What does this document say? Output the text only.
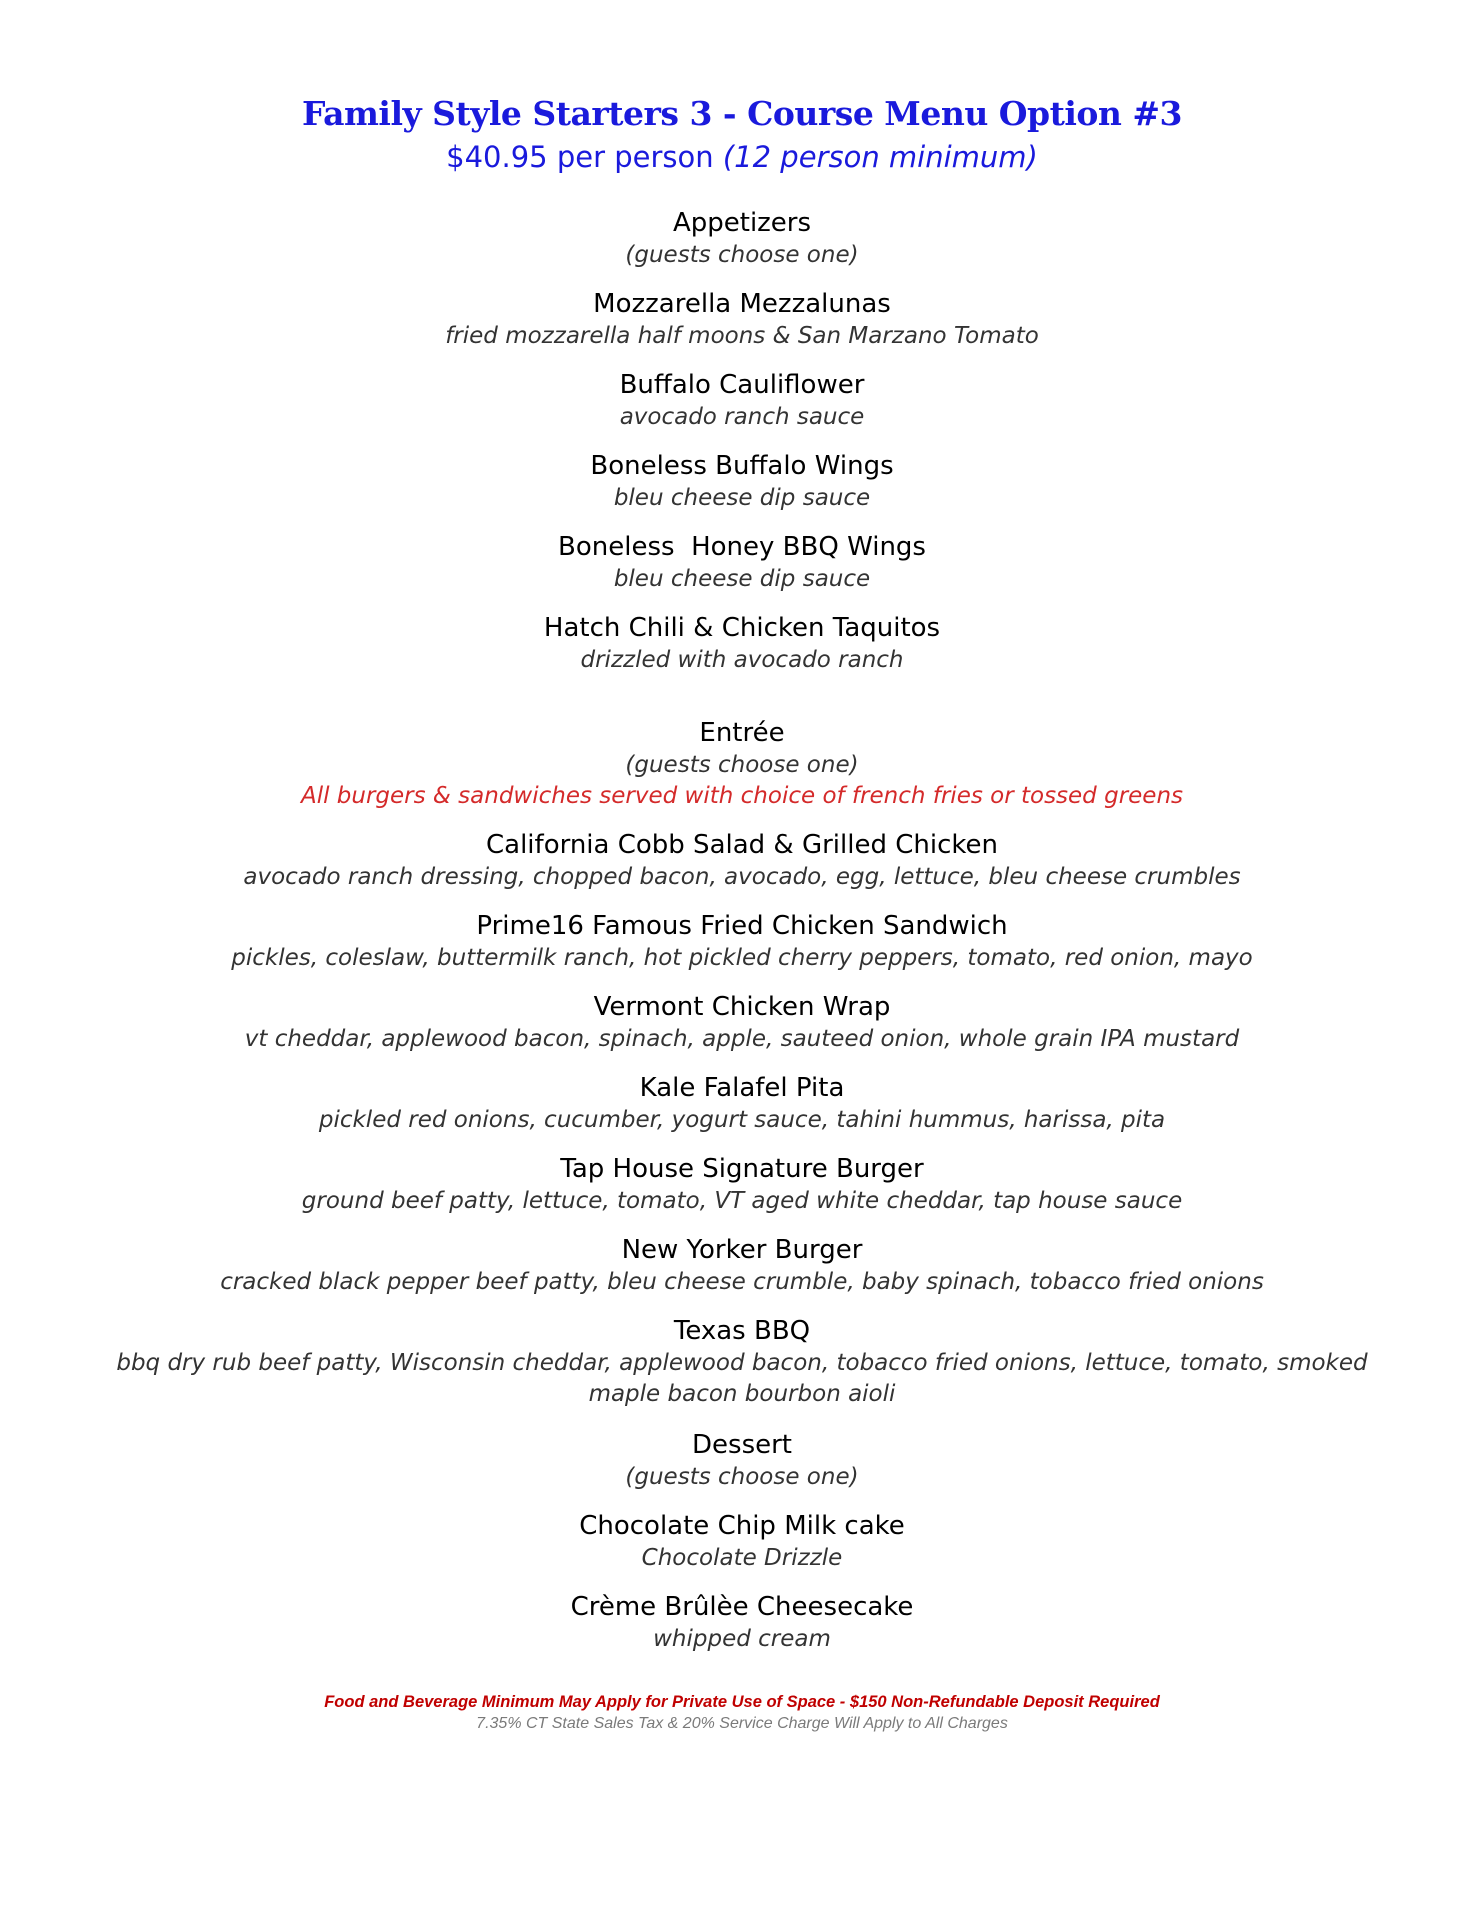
Family Style Starters 3 - Course Menu Option #3
$40.95 per person (12 person minimum)
Appetizers
(guests choose one)
Mozzarella Mezzalunas
fried mozzarella half moons & San Marzano Tomato
Buffalo Cauliflower
avocado ranch sauce
Boneless Buffalo Wings
bleu cheese dip sauce
Boneless  Honey BBQ Wings
bleu cheese dip sauce
Hatch Chili & Chicken Taquitos
drizzled with avocado ranch
Entrée
(guests choose one)
All burgers & sandwiches served with choice of french fries or tossed greens
California Cobb Salad & Grilled Chicken
avocado ranch dressing, chopped bacon, avocado, egg, lettuce, bleu cheese crumbles
Prime16 Famous Fried Chicken Sandwich
pickles, coleslaw, buttermilk ranch, hot pickled cherry peppers, tomato, red onion, mayo
Vermont Chicken Wrap
vt cheddar, applewood bacon, spinach, apple, sauteed onion, whole grain IPA mustard
Kale Falafel Pita
pickled red onions, cucumber, yogurt sauce, tahini hummus, harissa, pita
Tap House Signature Burger
ground beef patty, lettuce, tomato, VT aged white cheddar, tap house sauce
New Yorker Burger
cracked black pepper beef patty, bleu cheese crumble, baby spinach, tobacco fried onions
Texas BBQ
bbq dry rub beef patty, Wisconsin cheddar, applewood bacon, tobacco fried onions, lettuce, tomato, smoked maple bacon bourbon aioli
Dessert
(guests choose one)
Chocolate Chip Milk cake
Chocolate Drizzle
Crème Brûlèe Cheesecake
whipped cream
Food and Beverage Minimum May Apply for Private Use of Space - $150 Non-Refundable Deposit Required
7.35% CT State Sales Tax & 20% Service Charge Will Apply to All Charges
